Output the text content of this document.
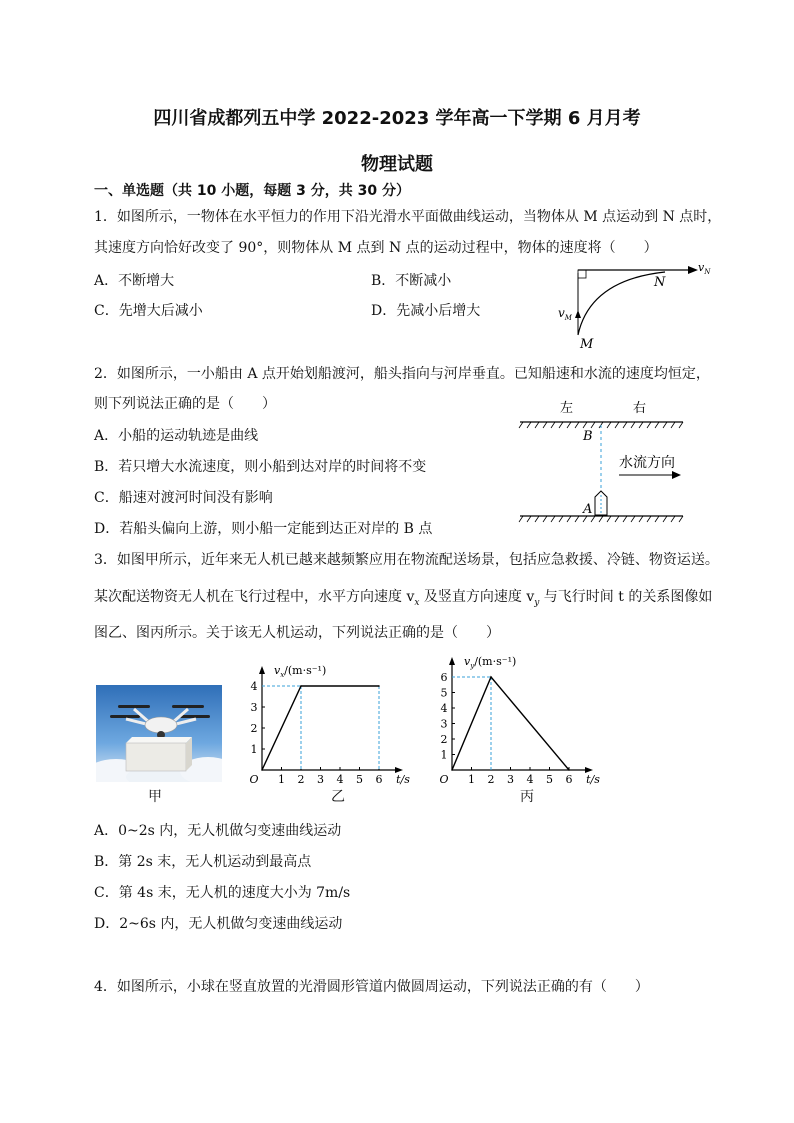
四川省成都列五中学 2022-2023 学年高一下学期 6 月月考
物理试题
一、单选题（共 10 小题，每题 3 分，共 30 分）
1．如图所示，一物体在水平恒力的作用下沿光滑水平面做曲线运动，当物体从 M 点运动到 N 点时，
其速度方向恰好改变了 90°，则物体从 M 点到 N 点的运动过程中，物体的速度将（　　）
A．不断增大	B．不断减小
C．先增大后减小	D．先减小后增大
$v_N$
N
$v_M$
M
2．如图所示，一小船由 A 点开始划船渡河，船头指向与河岸垂直。已知船速和水流的速度均恒定，
则下列说法正确的是（　　）
A．小船的运动轨迹是曲线
B．若只增大水流速度，则小船到达对岸的时间将不变
C．船速对渡河时间没有影响
D．若船头偏向上游，则小船一定能到达正对岸的 B 点
左	右
B
水流方向
A
3．如图甲所示，近年来无人机已越来越频繁应用在物流配送场景，包括应急救援、冷链、物资运送。
某次配送物资无人机在飞行过程中，水平方向速度 $v_x$ 及竖直方向速度 $v_y$ 与飞行时间 t 的关系图像如
图乙、图丙所示。关于该无人机运动，下列说法正确的是（　　）
甲	乙	丙
$v_x/(m\cdot s^{-1})$
t/s
O 1 2 3 4 5 6
1
2
3
4
$v_y/(m\cdot s^{-1})$
t/s
O 1 2 3 4 5 6
1
2
3
4
5
6
A．0~2s 内，无人机做匀变速曲线运动
B．第 2s 末，无人机运动到最高点
C．第 4s 末，无人机的速度大小为 7m/s
D．2~6s 内，无人机做匀变速曲线运动
4．如图所示，小球在竖直放置的光滑圆形管道内做圆周运动，下列说法正确的有（　　）
